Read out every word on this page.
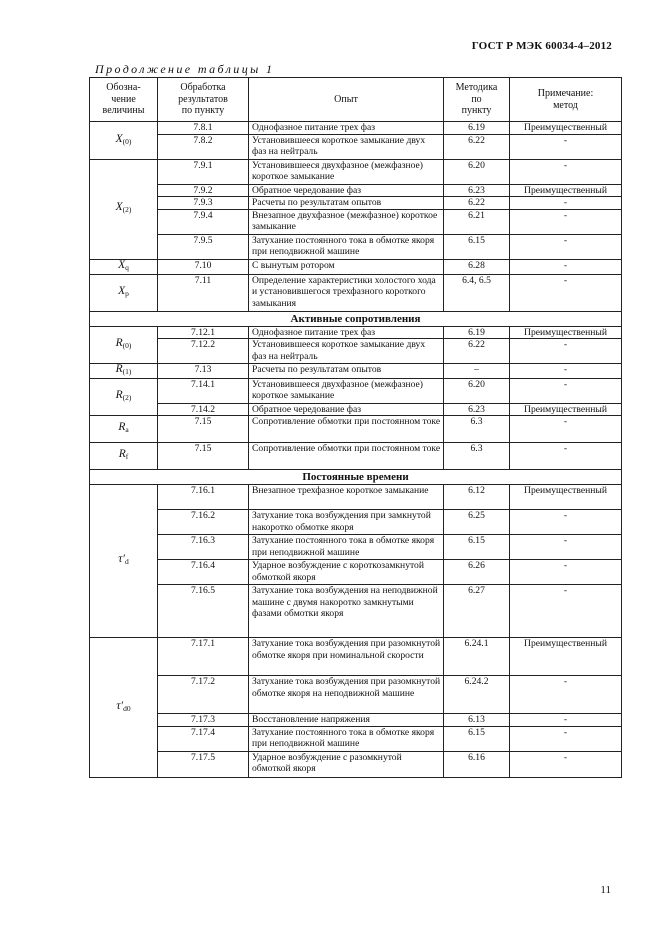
ГОСТ Р МЭК 60034-4–2012
Продолжение таблицы 1
Обозна-
чение
величины	Обработка
результатов
по пункту	Опыт	Методика
по
пункту	Примечание:
метод
$X_{(0)}$	7.8.1	Однофазное питание трех фаз	6.19	Преимущественный
	7.8.2	Установившееся короткое замыкание двух фаз на нейтраль	6.22	-
$X_{(2)}$	7.9.1	Установившееся двухфазное (межфазное) короткое замыкание	6.20	-
	7.9.2	Обратное чередование фаз	6.23	Преимущественный
	7.9.3	Расчеты по результатам опытов	6.22	-
	7.9.4	Внезапное двухфазное (межфазное) короткое замыкание	6.21	-
	7.9.5	Затухание постоянного тока в обмотке якоря при неподвижной машине	6.15	-
$X_q$	7.10	С вынутым ротором	6.28	-
$X_p$	7.11	Определение характеристики холостого хода и установившегося трехфазного короткого замыкания	6.4, 6.5	-
Активные сопротивления				
$R_{(0)}$	7.12.1	Однофазное питание трех фаз	6.19	Преимущественный
	7.12.2	Установившееся короткое замыкание двух фаз на нейтраль	6.22	-
$R_{(1)}$	7.13	Расчеты по результатам опытов	–	-
$R_{(2)}$	7.14.1	Установившееся двухфазное (межфазное) короткое замыкание	6.20	-
	7.14.2	Обратное чередование фаз	6.23	Преимущественный
$R_a$	7.15	Сопротивление обмотки при постоянном токе	6.3	-
$R_f$	7.15	Сопротивление обмотки при постоянном токе	6.3	-
Постоянные времени				
$\tau'_d$	7.16.1	Внезапное трехфазное короткое замыкание	6.12	Преимущественный
	7.16.2	Затухание тока возбуждения при замкнутой накоротко обмотке якоря	6.25	-
	7.16.3	Затухание постоянного тока в обмотке якоря при неподвижной машине	6.15	-
	7.16.4	Ударное возбуждение с короткозамкнутой обмоткой якоря	6.26	-
	7.16.5	Затухание тока возбуждения на неподвижной машине с двумя накоротко замкнутыми фазами обмотки якоря	6.27	-
$\tau'_{d0}$	7.17.1	Затухание тока возбуждения при разомкнутой обмотке якоря при номинальной скорости	6.24.1	Преимущественный
	7.17.2	Затухание тока возбуждения при разомкнутой обмотке якоря на неподвижной машине	6.24.2	-
	7.17.3	Восстановление напряжения	6.13	-
	7.17.4	Затухание постоянного тока в обмотке якоря при неподвижной машине	6.15	-
	7.17.5	Ударное возбуждение с разомкнутой обмоткой якоря	6.16	-
11
